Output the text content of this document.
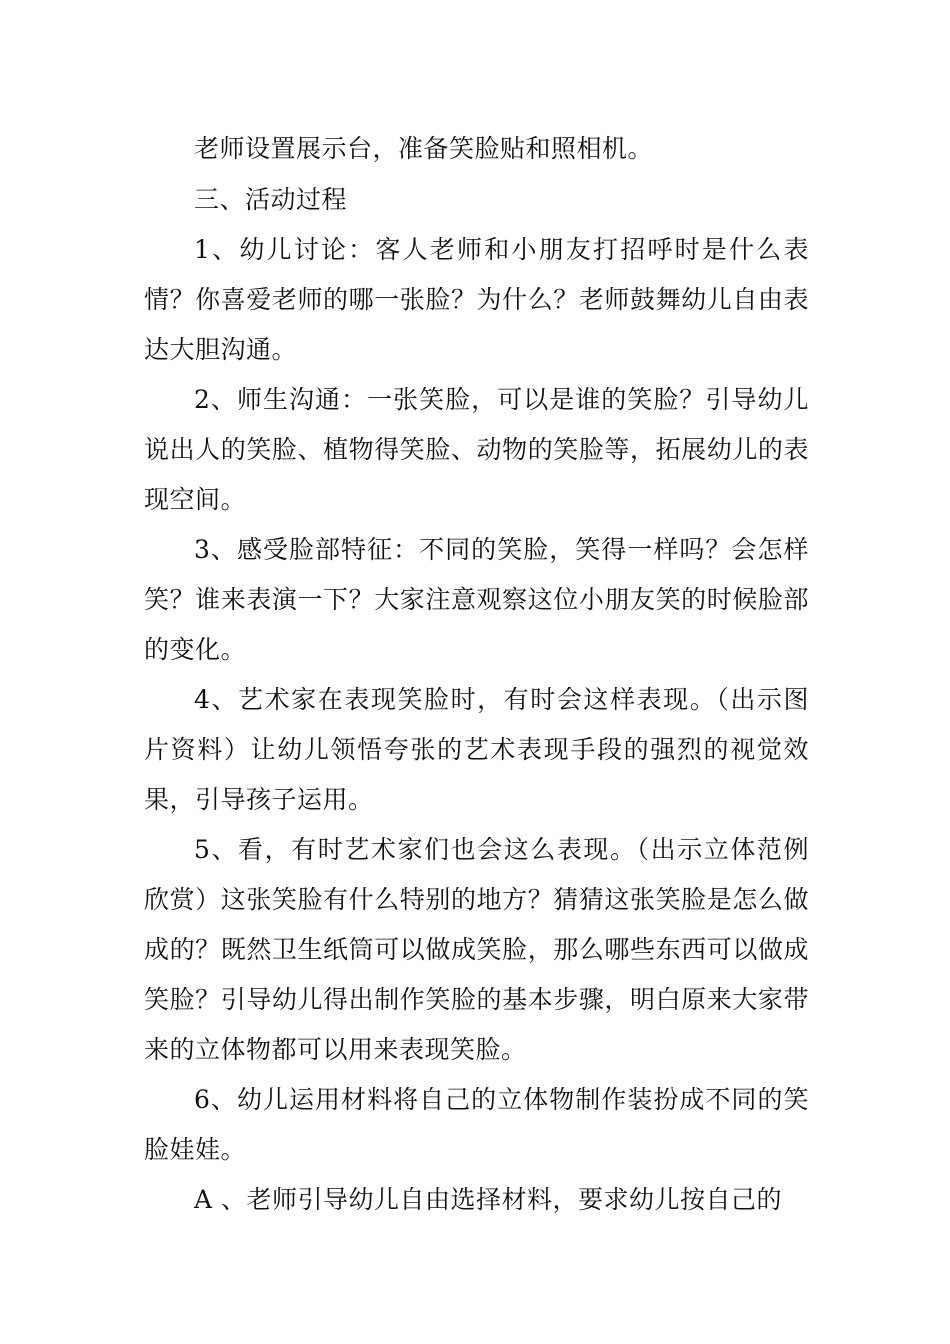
老师设置展示台，准备笑脸贴和照相机。

三、活动过程

1、幼儿讨论：客人老师和小朋友打招呼时是什么表情？你喜爱老师的哪一张脸？为什么？老师鼓舞幼儿自由表达大胆沟通。

2、师生沟通：一张笑脸，可以是谁的笑脸？引导幼儿说出人的笑脸、植物得笑脸、动物的笑脸等，拓展幼儿的表现空间。

3、感受脸部特征：不同的笑脸，笑得一样吗？会怎样笑？谁来表演一下？大家注意观察这位小朋友笑的时候脸部的变化。

4、艺术家在表现笑脸时，有时会这样表现。（出示图片资料）让幼儿领悟夸张的艺术表现手段的强烈的视觉效果，引导孩子运用。

5、看，有时艺术家们也会这么表现。（出示立体范例欣赏）这张笑脸有什么特别的地方？猜猜这张笑脸是怎么做成的？既然卫生纸筒可以做成笑脸，那么哪些东西可以做成笑脸？引导幼儿得出制作笑脸的基本步骤，明白原来大家带来的立体物都可以用来表现笑脸。

6、幼儿运用材料将自己的立体物制作装扮成不同的笑脸娃娃。

A 、老师引导幼儿自由选择材料，要求幼儿按自己的
